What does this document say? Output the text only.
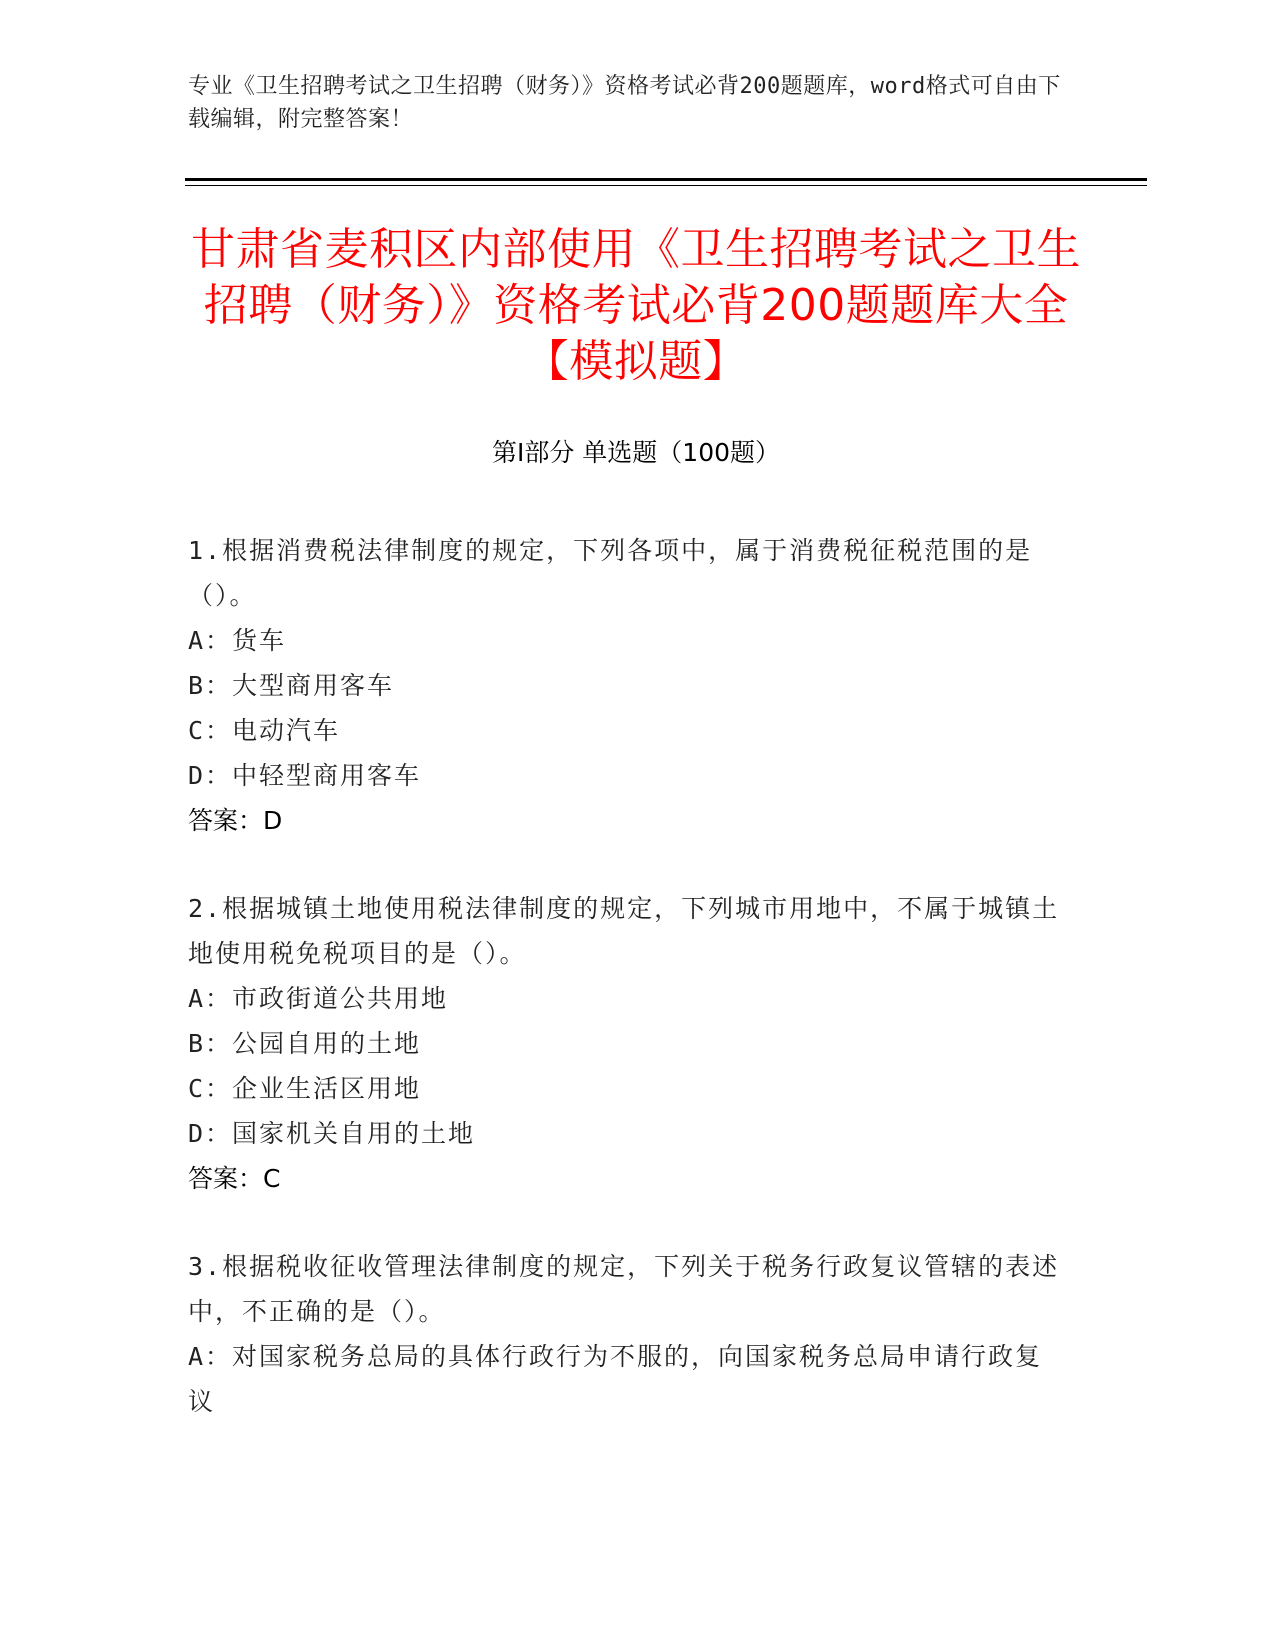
专业《卫生招聘考试之卫生招聘（财务）》资格考试必背200题题库，word格式可自由下载编辑，附完整答案！
甘肃省麦积区内部使用《卫生招聘考试之卫生招聘（财务）》资格考试必背200题题库大全【模拟题】
第Ⅰ部分 单选题（100题）

1.根据消费税法律制度的规定，下列各项中，属于消费税征税范围的是（）。

A：货车

B：大型商用客车

C：电动汽车

D：中轻型商用客车

答案：D

2.根据城镇土地使用税法律制度的规定，下列城市用地中，不属于城镇土地使用税免税项目的是（）。

A：市政街道公共用地

B：公园自用的土地

C：企业生活区用地

D：国家机关自用的土地

答案：C

3.根据税收征收管理法律制度的规定，下列关于税务行政复议管辖的表述中，不正确的是（）。

A：对国家税务总局的具体行政行为不服的，向国家税务总局申请行政复议
